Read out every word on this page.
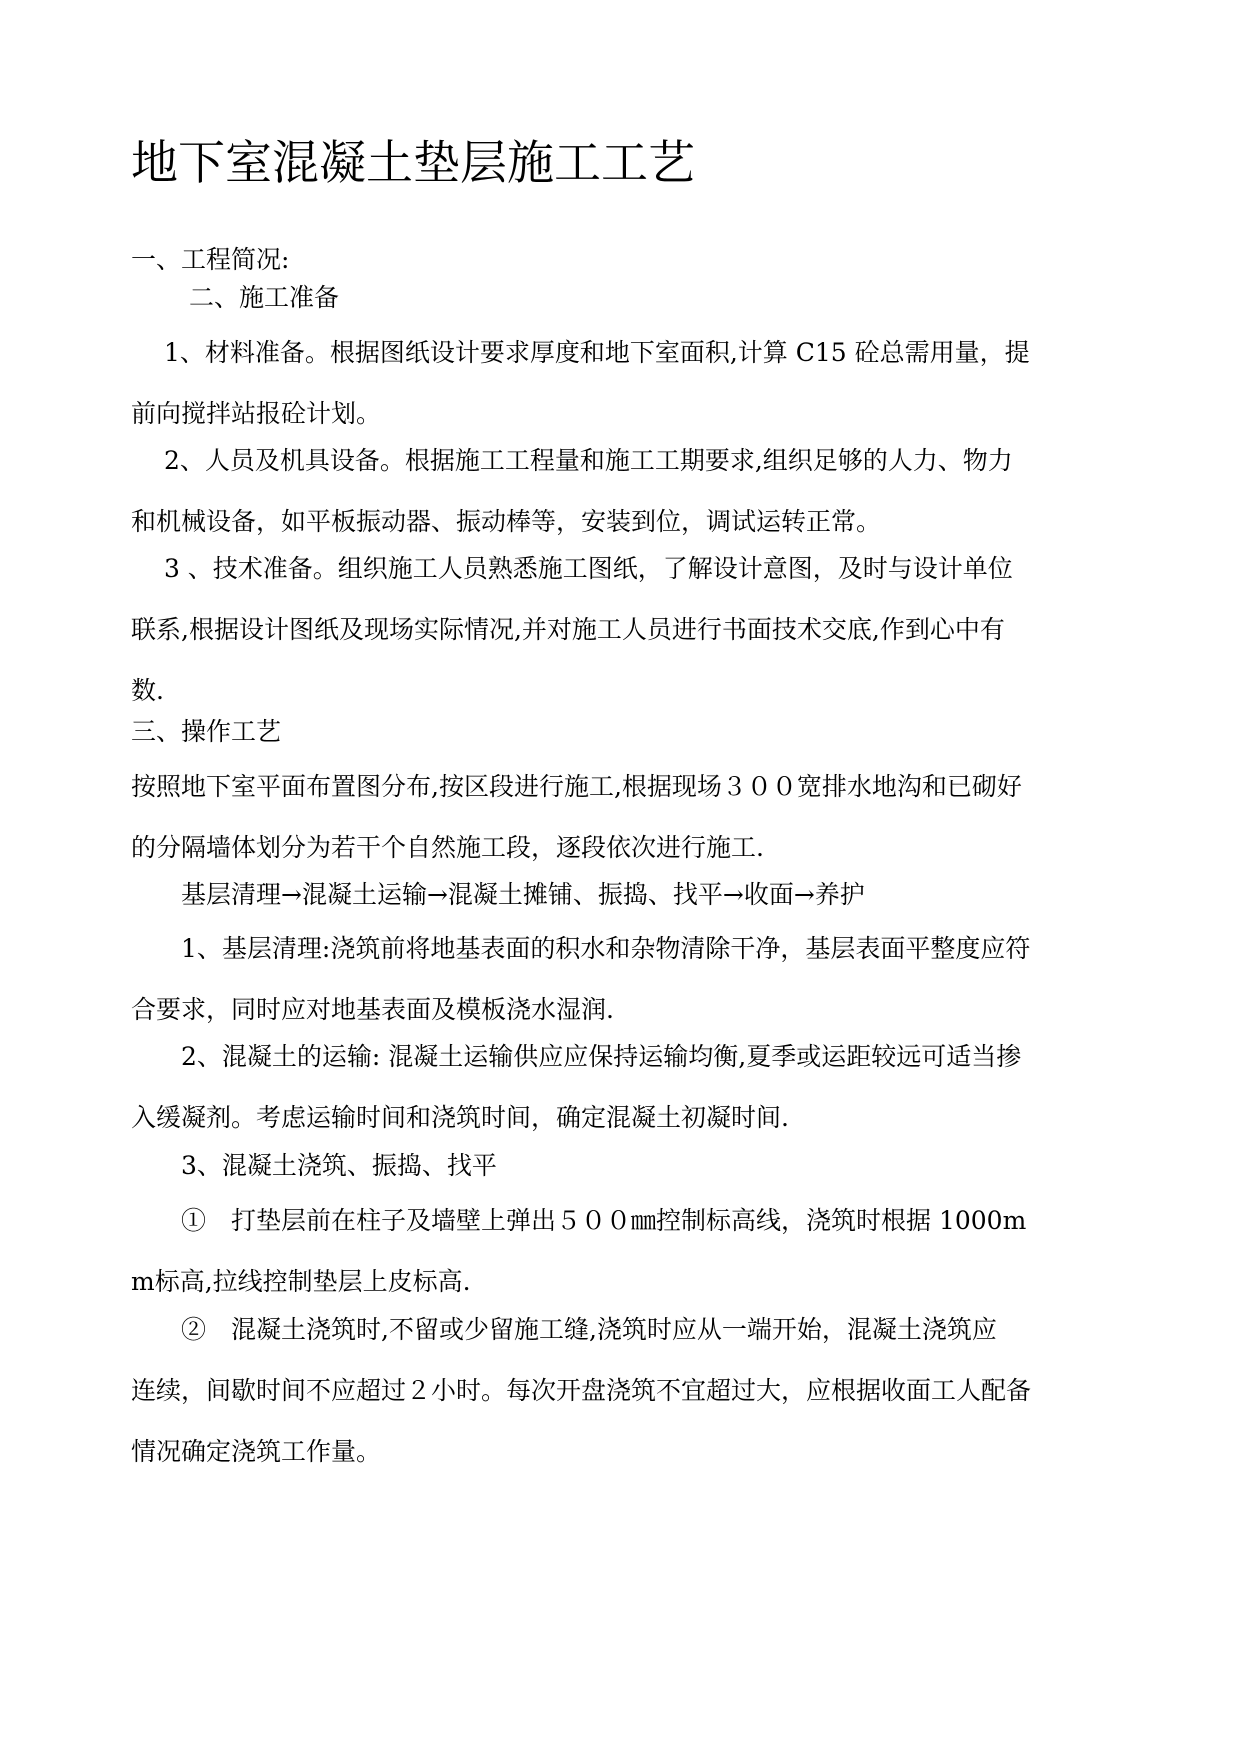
地下室混凝土垫层施工工艺

一、工程简况:

　　 二、施工准备

　 1、材料准备。根据图纸设计要求厚度和地下室面积,计算 C15 砼总需用量，提
前向搅拌站报砼计划。

　 2、人员及机具设备。根据施工工程量和施工工期要求,组织足够的人力、物力
和机械设备，如平板振动器、振动棒等，安装到位，调试运转正常。

　 3 、技术准备。组织施工人员熟悉施工图纸，了解设计意图，及时与设计单位
联系,根据设计图纸及现场实际情况,并对施工人员进行书面技术交底,作到心中有
数.

三、操作工艺

按照地下室平面布置图分布,按区段进行施工,根据现场３００宽排水地沟和已砌好
的分隔墙体划分为若干个自然施工段，逐段依次进行施工.

　　基层清理→混凝土运输→混凝土摊铺、振捣、找平→收面→养护

　　1、基层清理:浇筑前将地基表面的积水和杂物清除干净，基层表面平整度应符
合要求，同时应对地基表面及模板浇水湿润.

　　2、混凝土的运输: 混凝土运输供应应保持运输均衡,夏季或运距较远可适当掺
入缓凝剂。考虑运输时间和浇筑时间，确定混凝土初凝时间.

　　3、混凝土浇筑、振捣、找平

　　①　打垫层前在柱子及墙壁上弹出５００㎜控制标高线，浇筑时根据 1000m
m标高,拉线控制垫层上皮标高.

　　②　混凝土浇筑时,不留或少留施工缝,浇筑时应从一端开始，混凝土浇筑应
连续，间歇时间不应超过２小时。每次开盘浇筑不宜超过大，应根据收面工人配备
情况确定浇筑工作量。
